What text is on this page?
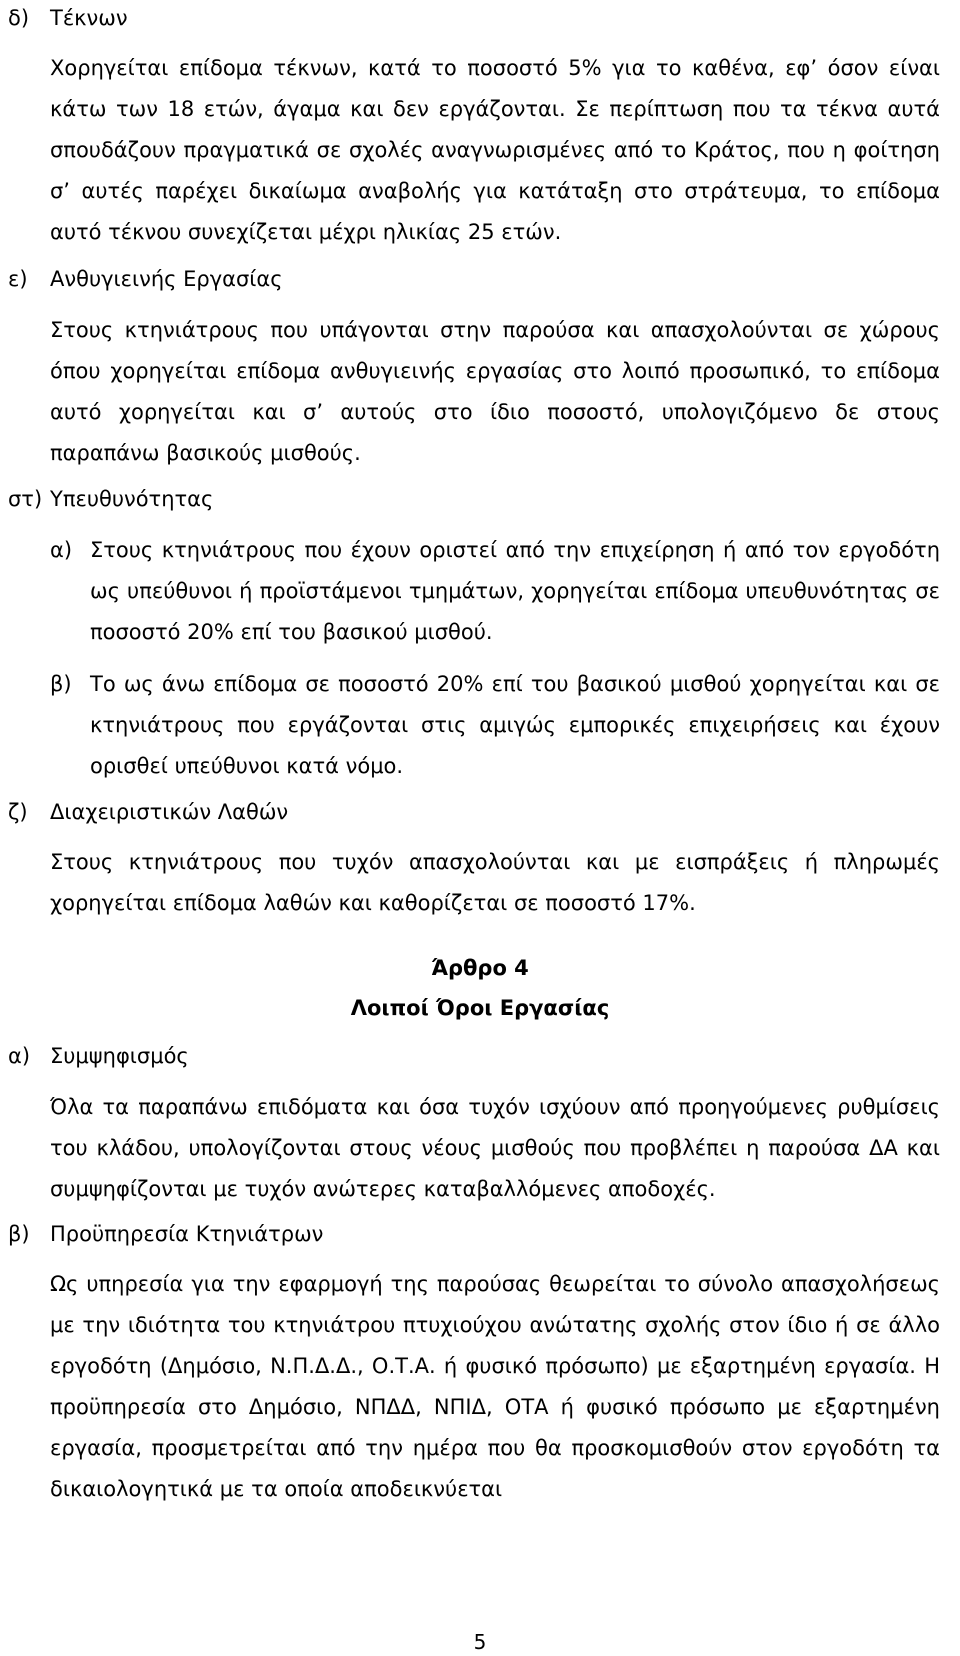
δ) Τέκνων
Χορηγείται επίδομα τέκνων, κατά το ποσοστό 5% για το καθένα, εφ’ όσον είναι κάτω των 18 ετών, άγαμα και δεν εργάζονται. Σε περίπτωση που τα τέκνα αυτά σπουδάζουν πραγματικά σε σχολές αναγνωρισμένες από το Κράτος, που η φοίτηση σ’ αυτές παρέχει δικαίωμα αναβολής για κατάταξη στο στράτευμα, το επίδομα αυτό τέκνου συνεχίζεται μέχρι ηλικίας 25 ετών.
ε) Ανθυγιεινής Εργασίας
Στους κτηνιάτρους που υπάγονται στην παρούσα και απασχολούνται σε χώρους όπου χορηγείται επίδομα ανθυγιεινής εργασίας στο λοιπό προσωπικό, το επίδομα αυτό χορηγείται και σ’ αυτούς στο ίδιο ποσοστό, υπολογιζόμενο δε στους παραπάνω βασικούς μισθούς.
στ) Υπευθυνότητας
α) Στους κτηνιάτρους που έχουν οριστεί από την επιχείρηση ή από τον εργοδότη ως υπεύθυνοι ή προϊστάμενοι τμημάτων, χορηγείται επίδομα υπευθυνότητας σε ποσοστό 20% επί του βασικού μισθού.
β) Το ως άνω επίδομα σε ποσοστό 20% επί του βασικού μισθού χορηγείται και σε κτηνιάτρους που εργάζονται στις αμιγώς εμπορικές επιχειρήσεις και έχουν ορισθεί υπεύθυνοι κατά νόμο.
ζ) Διαχειριστικών Λαθών
Στους κτηνιάτρους που τυχόν απασχολούνται και με εισπράξεις ή πληρωμές χορηγείται επίδομα λαθών και καθορίζεται σε ποσοστό 17%.
Άρθρο 4
Λοιποί Όροι Εργασίας
α) Συμψηφισμός
Όλα τα παραπάνω επιδόματα και όσα τυχόν ισχύουν από προηγούμενες ρυθμίσεις του κλάδου, υπολογίζονται στους νέους μισθούς που προβλέπει η παρούσα ΔΑ και συμψηφίζονται με τυχόν ανώτερες καταβαλλόμενες αποδοχές.
β) Προϋπηρεσία Κτηνιάτρων
Ως υπηρεσία για την εφαρμογή της παρούσας θεωρείται το σύνολο απασχολήσεως με την ιδιότητα του κτηνιάτρου πτυχιούχου ανώτατης σχολής στον ίδιο ή σε άλλο εργοδότη (Δημόσιο, Ν.Π.Δ.Δ., Ο.Τ.Α. ή φυσικό πρόσωπο) με εξαρτημένη εργασία. Η προϋπηρεσία στο Δημόσιο, ΝΠΔΔ, ΝΠΙΔ, ΟΤΑ ή φυσικό πρόσωπο με εξαρτημένη εργασία, προσμετρείται από την ημέρα που θα προσκομισθούν στον εργοδότη τα δικαιολογητικά με τα οποία αποδεικνύεται
5
